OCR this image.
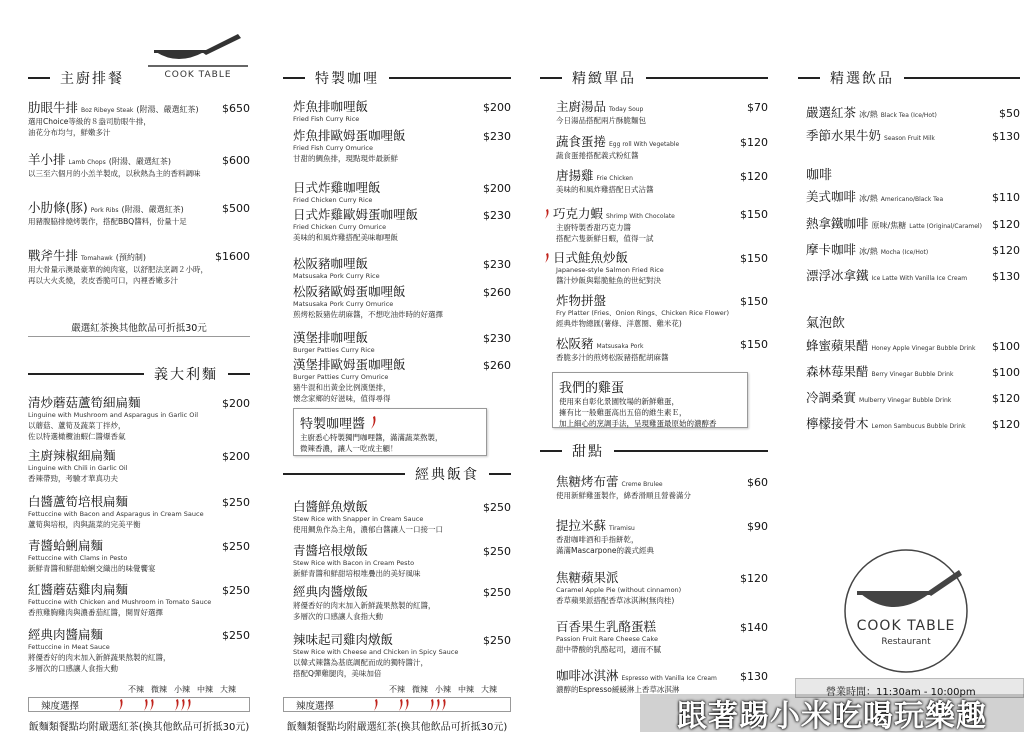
COOK TABLE
主廚排餐
肋眼牛排 Boz Ribeye Steak (附湯、嚴選紅茶) $650
選用Choice等級的８盎司肋眼牛排，
油花分布均勻，鮮嫩多汁
羊小排 Lamb Chops (附湯、嚴選紅茶)	$600
以三至六個月的小羔羊製成，以秋熱為主的香料調味
小肋條(豚) Pork Ribs (附湯、嚴選紅茶)	$500
用豬腹脇排燒烤製作，搭配BBQ醬料，份量十足
戰斧牛排 Tomahawk (預約制)	$1600
用大骨量示澳最豪華的純肉宴，以舒肥法烹調２小時，
再以大火炙燒，表皮香脆可口，內裡香嫩多汁
嚴選紅茶換其他飲品可折抵30元
義大利麵
清炒蘑菇蘆筍細扁麵	$200
Linguine with Mushroom and Asparagus in Garlic Oil
以蘑菇、蘆筍及蔬菜丁拌炒，
佐以特選橄欖油蝦仁醬爆香氣
主廚辣椒細扁麵	$200
Linguine with Chili in Garlic Oil
香辣帶勁，考驗才華真功夫
白醬蘆筍培根扁麵	$250
Fettuccine with Bacon and Asparagus in Cream Sauce
蘆筍與培根，肉與蔬菜的完美平衡
青醬蛤蜊扁麵	$250
Fettuccine with Clams in Pesto
新鮮青醬和鮮甜蛤蜊交織出的味覺饗宴
紅醬蘑菇雞肉扁麵	$250
Fettuccine with Chicken and Mushroom in Tomato Sauce
香煎雞胸雞肉與濃番茄紅醬，開胃好選擇
經典肉醬扁麵	$250
Fettuccine in Meat Sauce
將優香好的肉末加入新鮮蔬果熬製的紅醬，
多層次的口感讓人食指大動
不辣 微辣 小辣 中辣 大辣
辣度選擇
飯麵類餐點均附嚴選紅茶(換其他飲品可折抵30元)
特製咖哩
炸魚排咖哩飯	$200
Fried Fish Curry Rice
炸魚排歐姆蛋咖哩飯	$230
Fried Fish Curry Omurice
甘甜的鯛魚排，現點現炸最新鮮
日式炸雞咖哩飯	$200
Fried Chicken Curry Rice
日式炸雞歐姆蛋咖哩飯	$230
Fried Chicken Curry Omurice
美味的和風炸雞搭配美味咖哩飯
松阪豬咖哩飯	$230
Matsusaka Pork Curry Rice
松阪豬歐姆蛋咖哩飯	$260
Matsusaka Pork Curry Omurice
煎烤松阪豬佐胡麻醬，不想吃油炸時的好選擇
漢堡排咖哩飯	$230
Burger Patties Curry Rice
漢堡排歐姆蛋咖哩飯	$260
Burger Patties Curry Omurice
豬牛混和出黃金比例漢堡排，
懷念家鄉的好滋味，值得尋得
特製咖哩醬
主廚悉心特製獨門咖哩醬，滿滿蔬菜熬製，
微辣香濃，讓人一吃成主顧！
經典飯食
白醬鮮魚燉飯	$250
Stew Rice with Snapper in Cream Sauce
使用鯛魚作為主角，濃郁白醬讓人一口接一口
青醬培根燉飯	$250
Stew Rice with Bacon in Cream Pesto
新鮮青醬和鮮甜培根堆疊出的美好風味
經典肉醬燉飯	$250
將優香好的肉末加入新鮮蔬果熬製的紅醬，
多層次的口感讓人食指大動
辣味起司雞肉燉飯	$250
Stew Rice with Cheese and Chicken in Spicy Sauce
以韓式辣醬為基底調配而成的獨特醬汁，
搭配Q彈雞腿肉，美味加倍
不辣 微辣 小辣 中辣 大辣
辣度選擇
飯麵類餐點均附嚴選紅茶(換其他飲品可折抵30元)
精緻單品
主廚湯品 Today Soup	$70
今日湯品搭配兩片酥脆麵包
蔬食蛋捲 Egg roll With Vegetable	$120
蔬食蛋捲搭配義式粉紅醬
唐揚雞 Frie Chicken	$120
美味的和風炸雞搭配日式沾醬
巧克力蝦 Shrimp With Chocolate	$150
主廚特製香甜巧克力醬
搭配六隻新鮮日蝦，值得一試
日式鮭魚炒飯	$150
Japanese-style Salmon Fried Rice
醬汁炒飯與鬆脆鮭魚的世紀對決
炸物拼盤	$150
Fry Platter (Fries、Onion Rings、Chicken Rice Flower)
經典炸物總匯(薯條、洋蔥圈、雞米花)
松阪豬 Matsusaka Pork	$150
香脆多汁的煎烤松阪豬搭配胡麻醬
我們的雞蛋
使用來自彰化景園牧場的新鮮雞蛋，
擁有比一般雞蛋高出五倍的維生素Ｅ，
加上細心的烹調手法，呈現雞蛋最原始的濃醇香
甜點
焦糖烤布蕾 Creme Brulee	$60
使用新鮮雞蛋製作，綿香滑順且營養滿分
提拉米蘇 Tiramisu	$90
香甜咖啡酒和手指餅乾，
滿滿Mascarpone的義式經典
焦糖蘋果派	$120
Caramel Apple Pie (without cinnamon)
香草蘋果派搭配香草冰淇淋(無肉桂)
百香果生乳酪蛋糕	$140
Passion Fruit Rare Cheese Cake
甜中帶酸的乳酪起司，適而不膩
咖啡冰淇淋 Espresso with Vanilla Ice Cream $130
濃醇的Espresso緩緩淋上香草冰淇淋
精選飲品
嚴選紅茶 冰/熱 Black Tea (Ice/Hot)	$50
季節水果牛奶 Season Fruit Milk	$130
咖啡
美式咖啡 冰/熱 Americano/Black Tea	$110
熱拿鐵咖啡 原味/焦糖 Latte (Original/Caramel) $120
摩卡咖啡 冰/熱 Mocha (Ice/Hot)	$120
漂浮冰拿鐵 Ice Latte With Vanilla Ice Cream $130
氣泡飲
蜂蜜蘋果醋 Honey Apple Vinegar Bubble Drink $100
森林莓果醋 Berry Vinegar Bubble Drink	$100
冷調桑實 Mulberry Vinegar Bubble Drink	$120
檸檬接骨木 Lemon Sambucus Bubble Drink $120
COOK TABLE
Restaurant
營業時間：11:30am - 10:00pm
跟著踢小米吃喝玩樂趣
